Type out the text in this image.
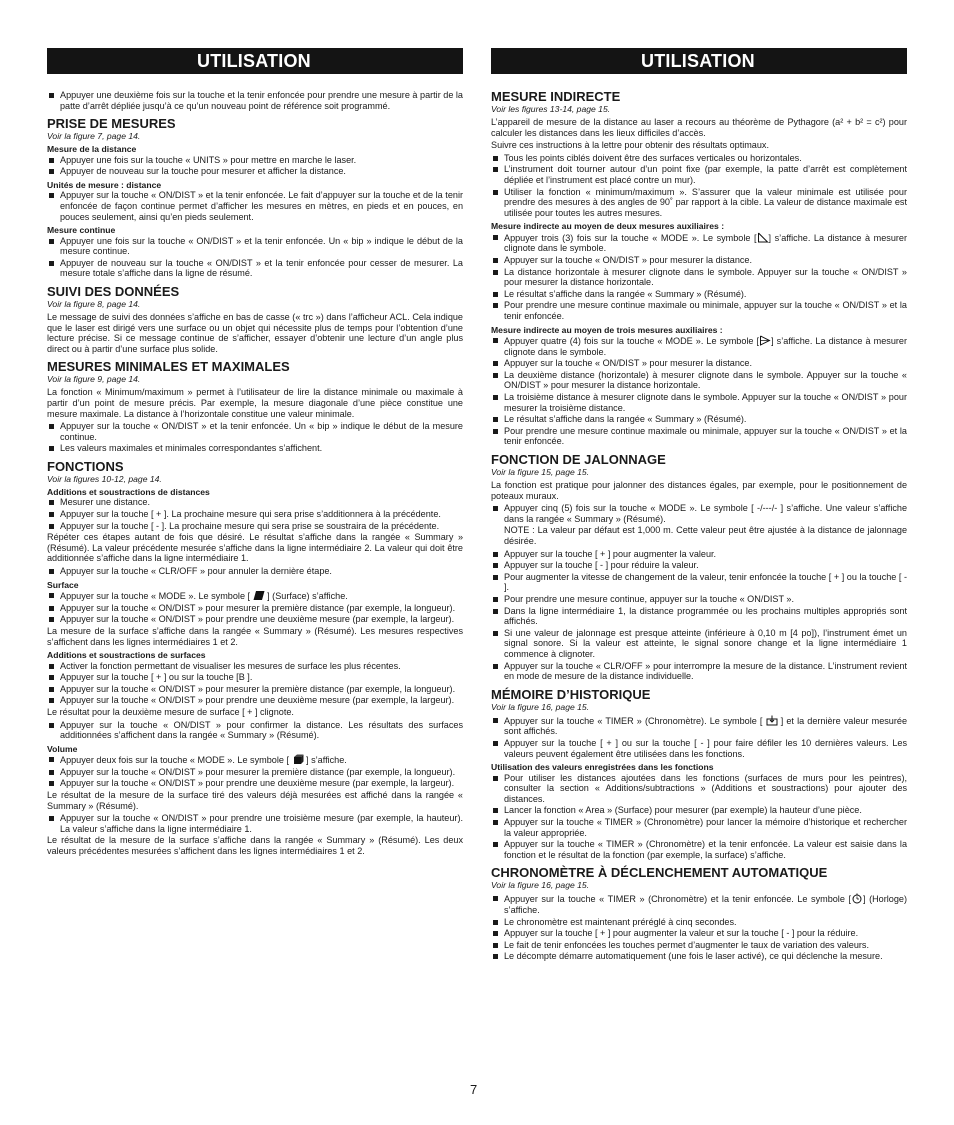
UTILISATION
Appuyer une deuxième fois sur la touche et la tenir enfoncée pour prendre une mesure à partir de la patte d’arrêt dépliée jusqu’à ce qu’un nouveau point de référence soit programmé.
PRISE DE MESURES
Voir la figure 7, page 14.
Mesure de la distance
Appuyer une fois sur la touche « UNITS » pour mettre en marche le laser.
Appuyer de nouveau sur la touche pour mesurer et afficher la distance.
Unités de mesure : distance
Appuyer sur la touche « ON/DIST » et la tenir enfoncée. Le fait d’appuyer sur la touche et de la tenir enfoncée de façon continue permet d’afficher les mesures en mètres, en pieds et en pouces, en pouces seulement, ainsi qu’en pieds seulement.
Mesure continue
Appuyer une fois sur la touche « ON/DIST » et la tenir enfoncée. Un « bip » indique le début de la mesure continue.
Appuyer de nouveau sur la touche « ON/DIST » et la tenir enfoncée pour cesser de mesurer. La mesure totale s’affiche dans la ligne de résumé.
SUIVI DES DONNÉES
Voir la figure 8, page 14.
Le message de suivi des données s’affiche en bas de casse (« trc ») dans l’afficheur ACL. Cela indique que le laser est dirigé vers une surface ou un objet qui nécessite plus de temps pour l’obtention d’une lecture précise. Si ce message continue de s’afficher, essayer d’obtenir une lecture d’un angle plus direct ou à partir d’une surface plus solide.
MESURES MINIMALES ET MAXIMALES
Voir la figure 9, page 14.
La fonction « Minimum/maximum » permet à l’utilisateur de lire la distance minimale ou maximale à partir d’un point de mesure précis. Par exemple, la mesure diagonale d’une pièce constitue une mesure maximale. La distance à l’horizontale constitue une valeur minimale.
Appuyer sur la touche « ON/DIST » et la tenir enfoncée. Un « bip » indique le début de la mesure continue.
Les valeurs maximales et minimales correspondantes s’affichent.
FONCTIONS
Voir la figures 10-12, page 14.
Additions et soustractions de distances
Mesurer une distance.
Appuyer sur la touche [ + ]. La prochaine mesure qui sera prise s’additionnera à la précédente.
Appuyer sur la touche [ - ]. La prochaine mesure qui sera prise se soustraira de la précédente.
Répéter ces étapes autant de fois que désiré. Le résultat s’affiche dans la rangée « Summary » (Résumé). La valeur précédente mesurée s’affiche dans la ligne intermédiaire 2. La valeur qui doit être additionnée s’affiche dans la ligne intermédiaire 1.
Appuyer sur la touche « CLR/OFF » pour annuler la dernière étape.
Surface
Appuyer sur la touche « MODE ». Le symbole [ ] (Surface) s’affiche.
Appuyer sur la touche « ON/DIST » pour mesurer la première distance (par exemple, la longueur).
Appuyer sur la touche « ON/DIST » pour prendre une deuxième mesure (par exemple, la largeur).
La mesure de la surface s’affiche dans la rangée « Summary » (Résumé). Les mesures respectives s’affichent dans les lignes intermédiaires 1 et 2.
Additions et soustractions de surfaces
Activer la fonction permettant de visualiser les mesures de surface les plus récentes.
Appuyer sur la touche [ + ] ou sur la touche [B ].
Appuyer sur la touche « ON/DIST » pour mesurer la première distance (par exemple, la longueur).
Appuyer sur la touche « ON/DIST » pour prendre une deuxième mesure (par exemple, la largeur).
Le résultat pour la deuxième mesure de surface [ + ] clignote.
Appuyer sur la touche « ON/DIST » pour confirmer la distance. Les résultats des surfaces additionnées s’affichent dans la rangée « Summary » (Résumé).
Volume
Appuyer deux fois sur la touche « MODE ». Le symbole [ ] s’affiche.
Appuyer sur la touche « ON/DIST » pour mesurer la première distance (par exemple, la longueur).
Appuyer sur la touche « ON/DIST » pour prendre une deuxième mesure (par exemple, la largeur).
Le résultat de la mesure de la surface tiré des valeurs déjà mesurées est affiché dans la rangée « Summary » (Résumé).
Appuyer sur la touche « ON/DIST » pour prendre une troisième mesure (par exemple, la hauteur). La valeur s’affiche dans la ligne intermédiaire 1.
Le résultat de la mesure de la surface s’affiche dans la rangée « Summary » (Résumé). Les deux valeurs précédentes mesurées s’affichent dans les lignes intermédiaires 1 et 2.
UTILISATION
MESURE INDIRECTE
Voir les figures 13-14, page 15.
L’appareil de mesure de la distance au laser a recours au théorème de Pythagore (a² + b² = c²) pour calculer les distances dans les lieux difficiles d’accès.
Suivre ces instructions à la lettre pour obtenir des résultats optimaux.
Tous les points ciblés doivent être des surfaces verticales ou horizontales.
L’instrument doit tourner autour d’un point fixe (par exemple, la patte d’arrêt est complètement dépliée et l’instrument est placé contre un mur).
Utiliser la fonction « minimum/maximum ». S’assurer que la valeur minimale est utilisée pour prendre des mesures à des angles de 90˚ par rapport à la cible. La valeur de distance maximale est utilisée pour toutes les autres mesures.
Mesure indirecte au moyen de deux mesures auxiliaires :
Appuyer trois (3) fois sur la touche « MODE ». Le symbole [ ] s’affiche. La distance à mesurer clignote dans le symbole.
Appuyer sur la touche « ON/DIST » pour mesurer la distance.
La distance horizontale à mesurer clignote dans le symbole. Appuyer sur la touche « ON/DIST » pour mesurer la distance horizontale.
Le résultat s’affiche dans la rangée « Summary » (Résumé).
Pour prendre une mesure continue maximale ou minimale, appuyer sur la touche « ON/DIST » et la tenir enfoncée.
Mesure indirecte au moyen de trois mesures auxiliaires :
Appuyer quatre (4) fois sur la touche « MODE ». Le symbole [ ] s’affiche. La distance à mesurer clignote dans le symbole.
Appuyer sur la touche « ON/DIST » pour mesurer la distance.
La deuxième distance (horizontale) à mesurer clignote dans le symbole. Appuyer sur la touche « ON/DIST » pour mesurer la distance horizontale.
La troisième distance à mesurer clignote dans le symbole. Appuyer sur la touche « ON/DIST » pour mesurer la troisième distance.
Le résultat s’affiche dans la rangée « Summary » (Résumé).
Pour prendre une mesure continue maximale ou minimale, appuyer sur la touche « ON/DIST » et la tenir enfoncée.
FONCTION DE JALONNAGE
Voir la figure 15, page 15.
La fonction est pratique pour jalonner des distances égales, par exemple, pour le positionnement de poteaux muraux.
Appuyer cinq (5) fois sur la touche « MODE ». Le symbole [ -/---/- ] s’affiche. Une valeur s’affiche dans la rangée « Summary » (Résumé).
NOTE : La valeur par défaut est 1,000 m. Cette valeur peut être ajustée à la distance de jalonnage désirée.
Appuyer sur la touche [ + ] pour augmenter la valeur.
Appuyer sur la touche [ - ] pour réduire la valeur.
Pour augmenter la vitesse de changement de la valeur, tenir enfoncée la touche [ + ] ou la touche [ - ].
Pour prendre une mesure continue, appuyer sur la touche « ON/DIST ».
Dans la ligne intermédiaire 1, la distance programmée ou les prochains multiples appropriés sont affichés.
Si une valeur de jalonnage est presque atteinte (inférieure à 0,10 m [4 po]), l’instrument émet un signal sonore. Si la valeur est atteinte, le signal sonore change et la ligne intermédiaire 1 commence à clignoter.
Appuyer sur la touche « CLR/OFF » pour interrompre la mesure de la distance. L’instrument revient en mode de mesure de la distance individuelle.
MÉMOIRE D’HISTORIQUE
Voir la figure 16, page 15.
Appuyer sur la touche « TIMER » (Chronomètre). Le symbole [ ] et la dernière valeur mesurée sont affichés.
Appuyer sur la touche [ + ] ou sur la touche [ - ] pour faire défiler les 10 dernières valeurs. Les valeurs peuvent également être utilisées dans les fonctions.
Utilisation des valeurs enregistrées dans les fonctions
Pour utiliser les distances ajoutées dans les fonctions (surfaces de murs pour les peintres), consulter la section « Additions/subtractions » (Additions et soustractions) pour ajouter des distances.
Lancer la fonction « Area » (Surface) pour mesurer (par exemple) la hauteur d’une pièce.
Appuyer sur la touche « TIMER » (Chronomètre) pour lancer la mémoire d’historique et rechercher la valeur appropriée.
Appuyer sur la touche « TIMER » (Chronomètre) et la tenir enfoncée. La valeur est saisie dans la fonction et le résultat de la fonction (par exemple, la surface) s’affiche.
CHRONOMÈTRE À DÉCLENCHEMENT AUTOMATIQUE
Voir la figure 16, page 15.
Appuyer sur la touche « TIMER » (Chronomètre) et la tenir enfoncée. Le symbole [ ] (Horloge) s’affiche.
Le chronomètre est maintenant préréglé à cinq secondes.
Appuyer sur la touche [ + ] pour augmenter la valeur et sur la touche [ - ] pour la réduire.
Le fait de tenir enfoncées les touches permet d’augmenter le taux de variation des valeurs.
Le décompte démarre automatiquement (une fois le laser activé), ce qui déclenche la mesure.
7
